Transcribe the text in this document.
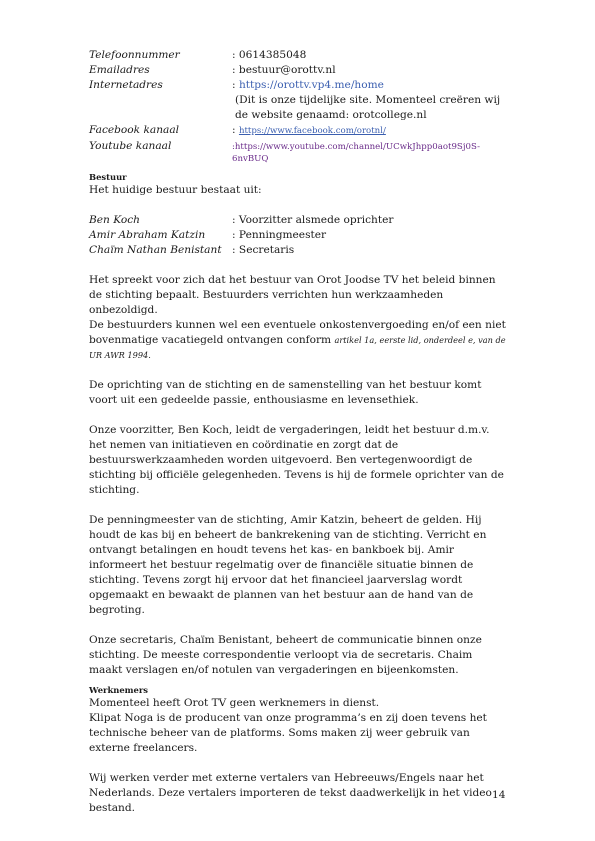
Telefoonnummer	: 0614385048
Emailadres	: bestuur@orottv.nl
Internetadres	: https://orottv.vp4.me/home
(Dit is onze tijdelijke site. Momenteel creëren wij de website genaamd: orotcollege.nl
Facebook kanaal	: https://www.facebook.com/orotnl/
Youtube kanaal	:https://www.youtube.com/channel/UCwkJhpp0aot9Sj0S-6nvBUQ
Bestuur

Het huidige bestuur bestaat uit:

Ben Koch	: Voorzitter alsmede oprichter
Amir Abraham Katzin	: Penningmeester
Chaïm Nathan Benistant : Secretaris

Het spreekt voor zich dat het bestuur van Orot Joodse TV het beleid binnen de stichting bepaalt. Bestuurders verrichten hun werkzaamheden onbezoldigd.

De bestuurders kunnen wel een eventuele onkostenvergoeding en/of een niet bovenmatige vacatiegeld ontvangen conform artikel 1a, eerste lid, onderdeel e, van de UR AWR 1994.

De oprichting van de stichting en de samenstelling van het bestuur komt voort uit een gedeelde passie, enthousiasme en levensethiek.

Onze voorzitter, Ben Koch, leidt de vergaderingen, leidt het bestuur d.m.v. het nemen van initiatieven en coördinatie en zorgt dat de bestuurswerkzaamheden worden uitgevoerd. Ben vertegenwoordigt de stichting bij officiële gelegenheden. Tevens is hij de formele oprichter van de stichting.

De penningmeester van de stichting, Amir Katzin, beheert de gelden. Hij houdt de kas bij en beheert de bankrekening van de stichting. Verricht en ontvangt betalingen en houdt tevens het kas- en bankboek bij. Amir informeert het bestuur regelmatig over de financiële situatie binnen de stichting. Tevens zorgt hij ervoor dat het financieel jaarverslag wordt opgemaakt en bewaakt de plannen van het bestuur aan de hand van de begroting.

Onze secretaris, Chaïm Benistant, beheert de communicatie binnen onze stichting. De meeste correspondentie verloopt via de secretaris. Chaim maakt verslagen en/of notulen van vergaderingen en bijeenkomsten.

Werknemers

Momenteel heeft Orot TV geen werknemers in dienst.

Klipat Noga is de producent van onze programma’s en zij doen tevens het technische beheer van de platforms. Soms maken zij weer gebruik van externe freelancers.

Wij werken verder met externe vertalers van Hebreeuws/Engels naar het Nederlands. Deze vertalers importeren de tekst daadwerkelijk in het video bestand.

14
